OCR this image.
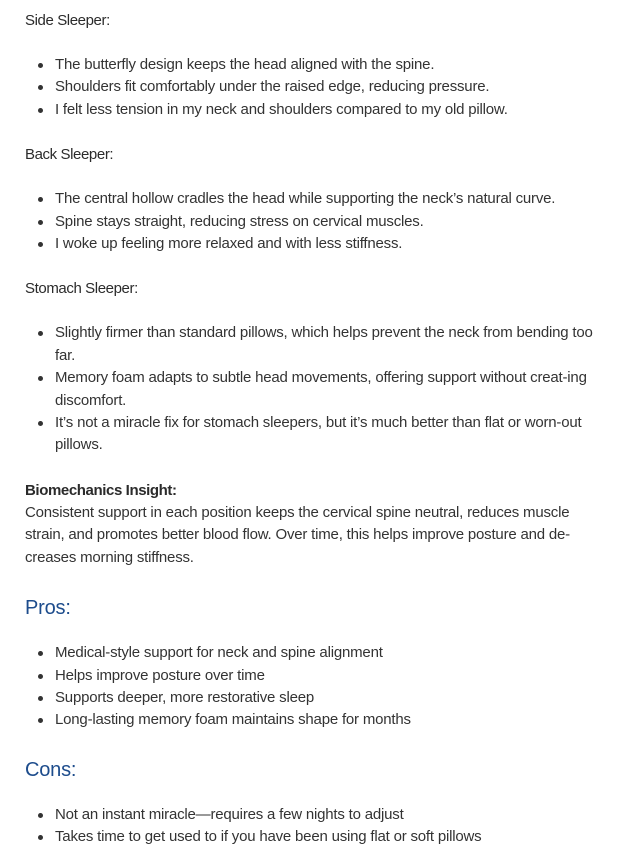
Side Sleeper:

The butterfly design keeps the head aligned with the spine.
Shoulders fit comfortably under the raised edge, reducing pressure.
I felt less tension in my neck and shoulders compared to my old pillow.

Back Sleeper:

The central hollow cradles the head while supporting the neck’s natural curve.
Spine stays straight, reducing stress on cervical muscles.
I woke up feeling more relaxed and with less stiffness.

Stomach Sleeper:

Slightly firmer than standard pillows, which helps prevent the neck from bending too far.
Memory foam adapts to subtle head movements, offering support without creat-ing discomfort.
It’s not a miracle fix for stomach sleepers, but it’s much better than flat or worn-out pillows.

Biomechanics Insight:

Consistent support in each position keeps the cervical spine neutral, reduces muscle strain, and promotes better blood flow. Over time, this helps improve posture and de-creases morning stiffness.

Pros:
Medical-style support for neck and spine alignment
Helps improve posture over time
Supports deeper, more restorative sleep
Long-lasting memory foam maintains shape for months
Cons:
Not an instant miracle—requires a few nights to adjust
Takes time to get used to if you have been using flat or soft pillows
